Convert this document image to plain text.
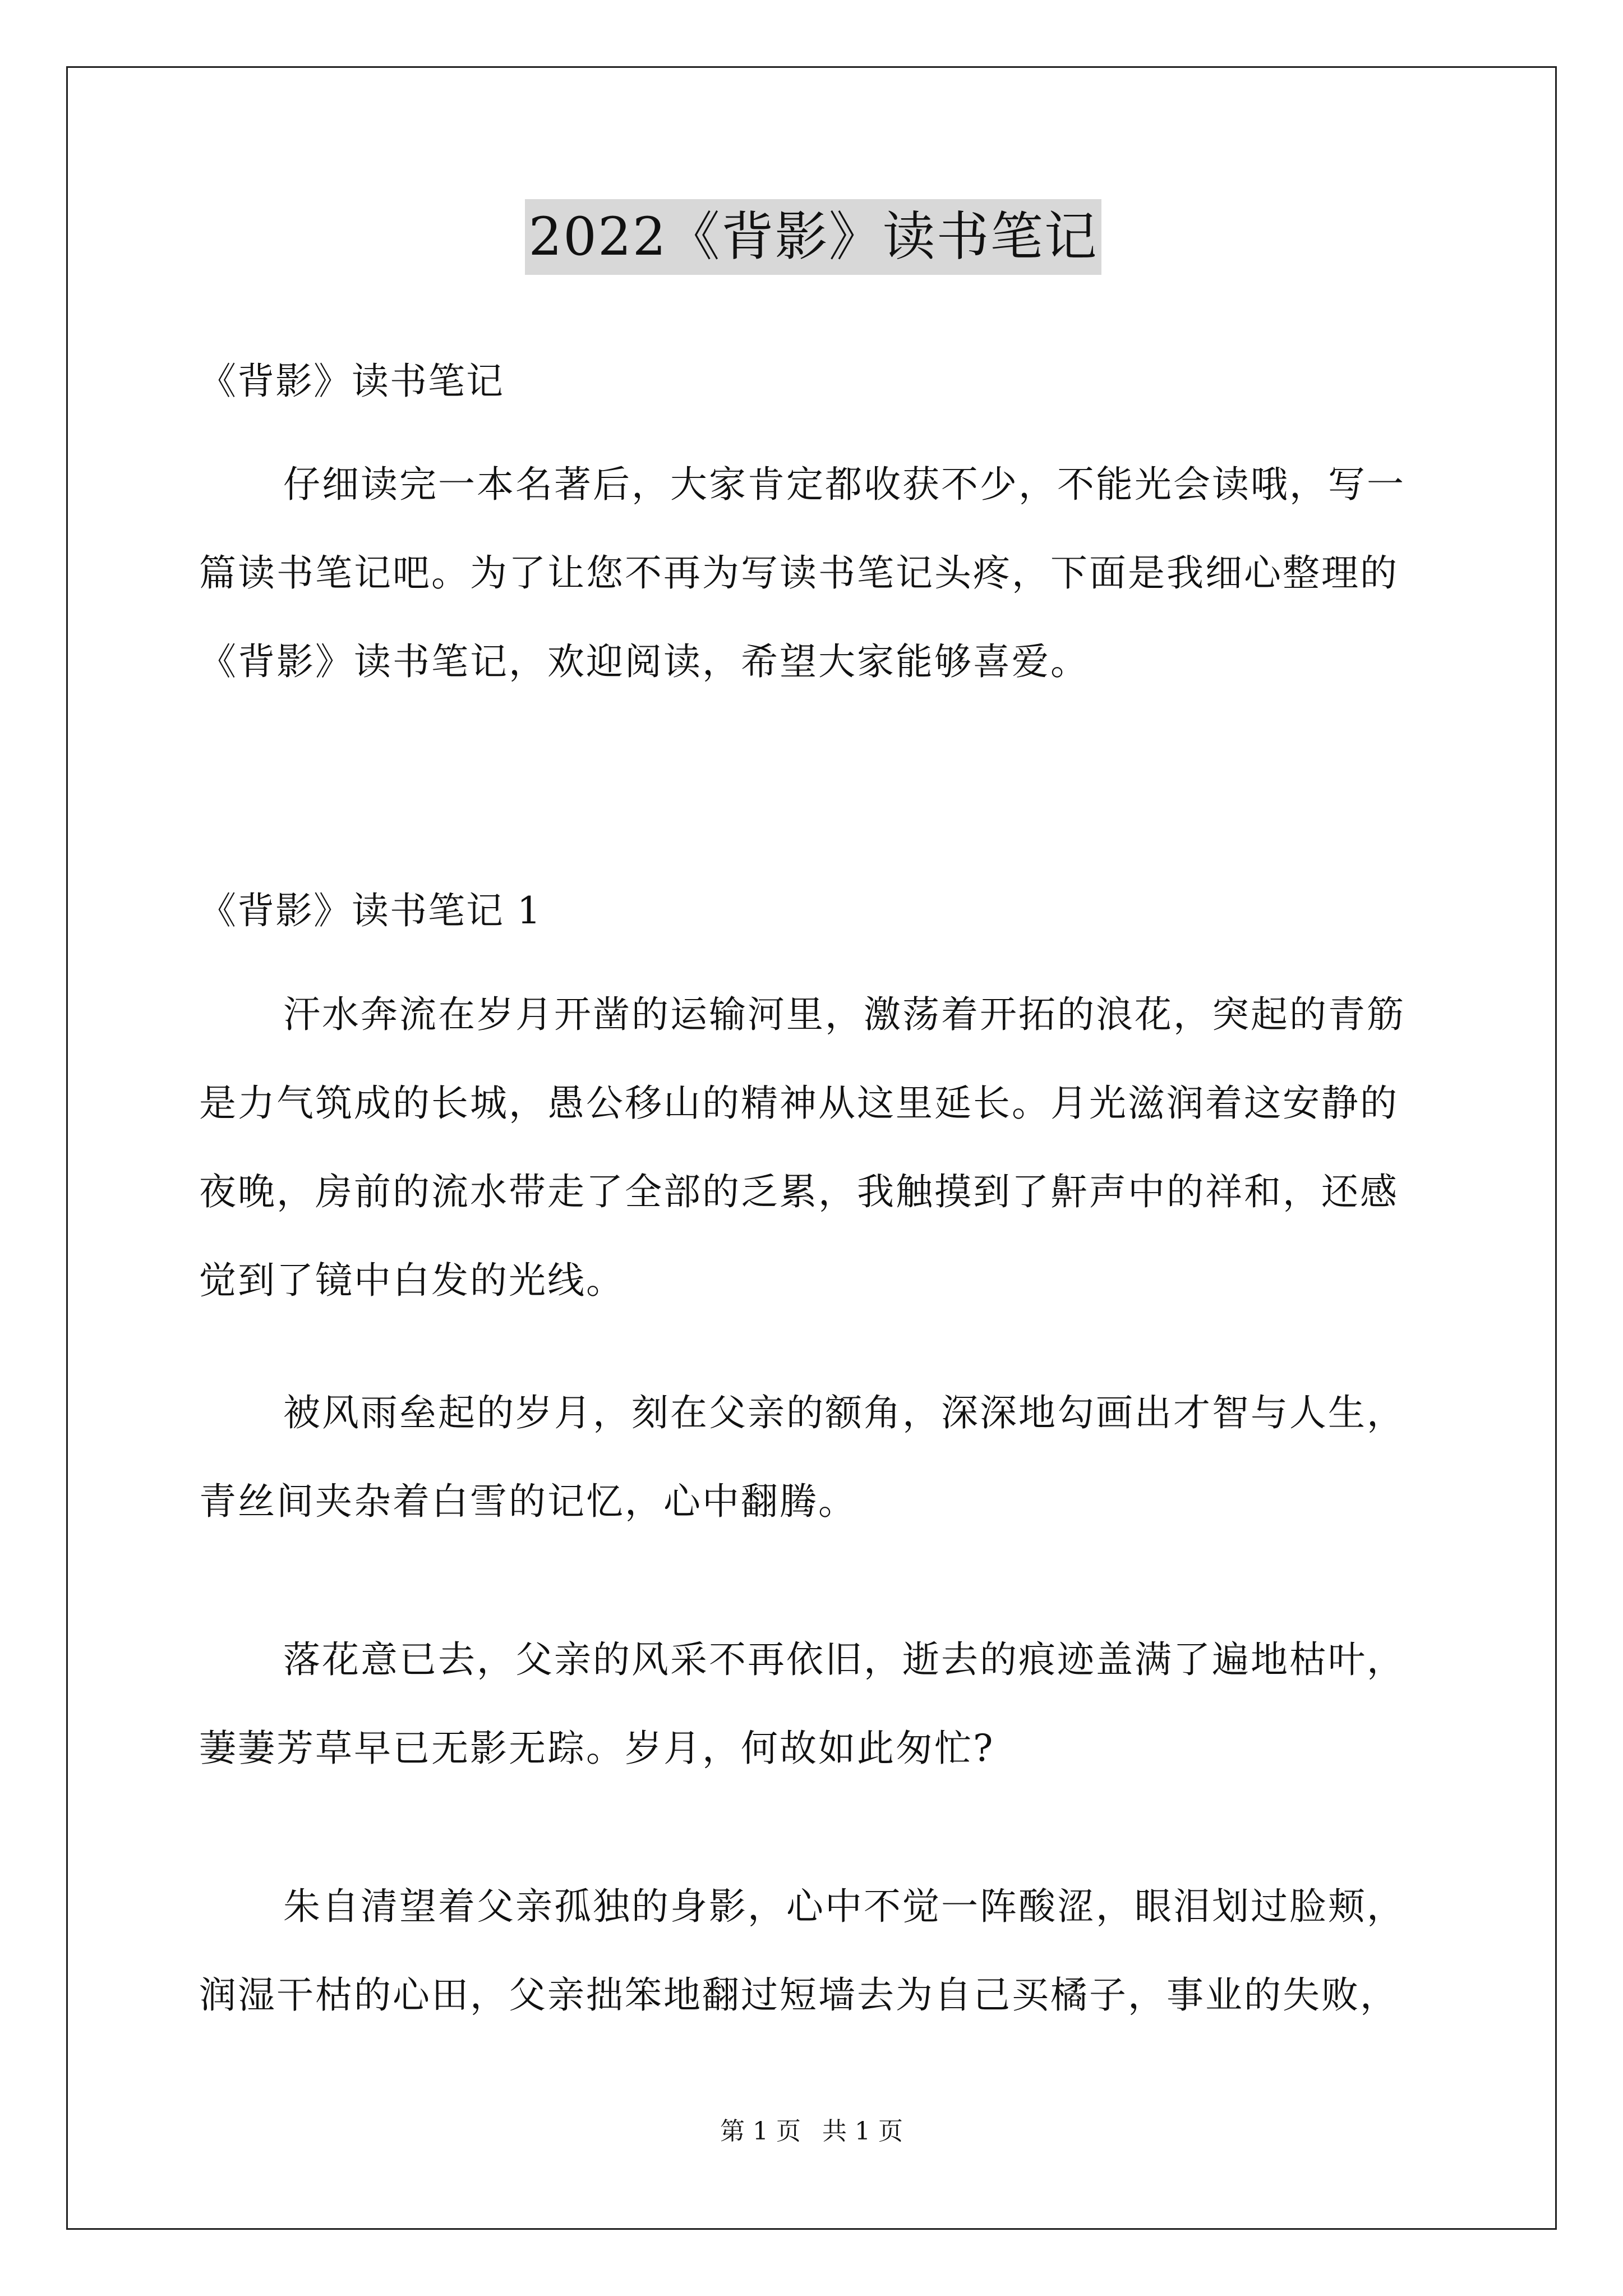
2022《背影》读书笔记
《背影》读书笔记

仔细读完一本名著后，大家肯定都收获不少，不能光会读哦，写一篇读书笔记吧。为了让您不再为写读书笔记头疼，下面是我细心整理的《背影》读书笔记，欢迎阅读，希望大家能够喜爱。

《背影》读书笔记 1

汗水奔流在岁月开凿的运输河里，激荡着开拓的浪花，突起的青筋是力气筑成的长城，愚公移山的精神从这里延长。月光滋润着这安静的夜晚，房前的流水带走了全部的乏累，我触摸到了鼾声中的祥和，还感觉到了镜中白发的光线。

被风雨垒起的岁月，刻在父亲的额角，深深地勾画出才智与人生，青丝间夹杂着白雪的记忆，心中翻腾。

落花意已去，父亲的风采不再依旧，逝去的痕迹盖满了遍地枯叶，萋萋芳草早已无影无踪。岁月，何故如此匆忙?

朱自清望着父亲孤独的身影，心中不觉一阵酸涩，眼泪划过脸颊，润湿干枯的心田，父亲拙笨地翻过短墙去为自己买橘子，事业的失败，

第 1 页 共 1 页
